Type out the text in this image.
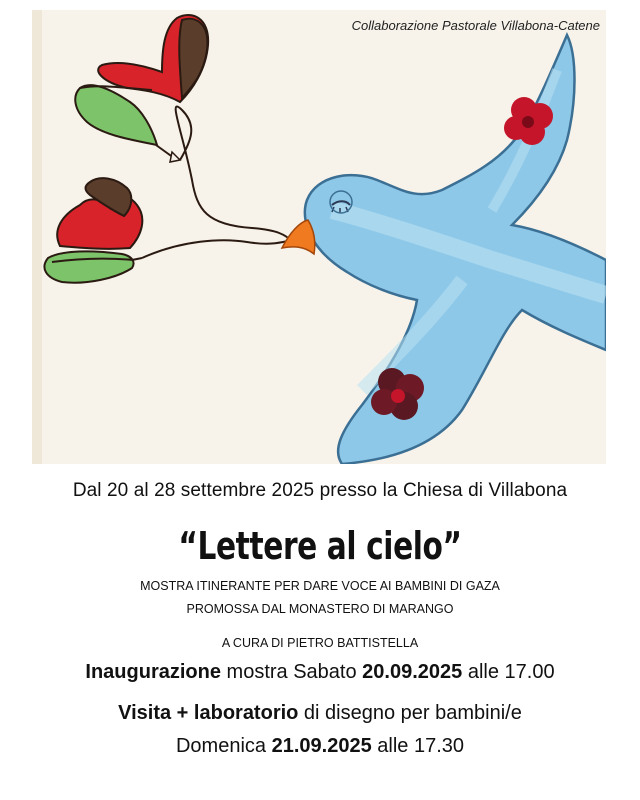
Collaborazione Pastorale Villabona-Catene
Dal 20 al 28 settembre 2025 presso la Chiesa di Villabona
“Lettere al cielo”
MOSTRA ITINERANTE PER DARE VOCE AI BAMBINI DI GAZA
PROMOSSA DAL MONASTERO DI MARANGO
A CURA DI PIETRO BATTISTELLA
Inaugurazione mostra Sabato 20.09.2025 alle 17.00
Visita + laboratorio di disegno per bambini/e
Domenica 21.09.2025 alle 17.30
